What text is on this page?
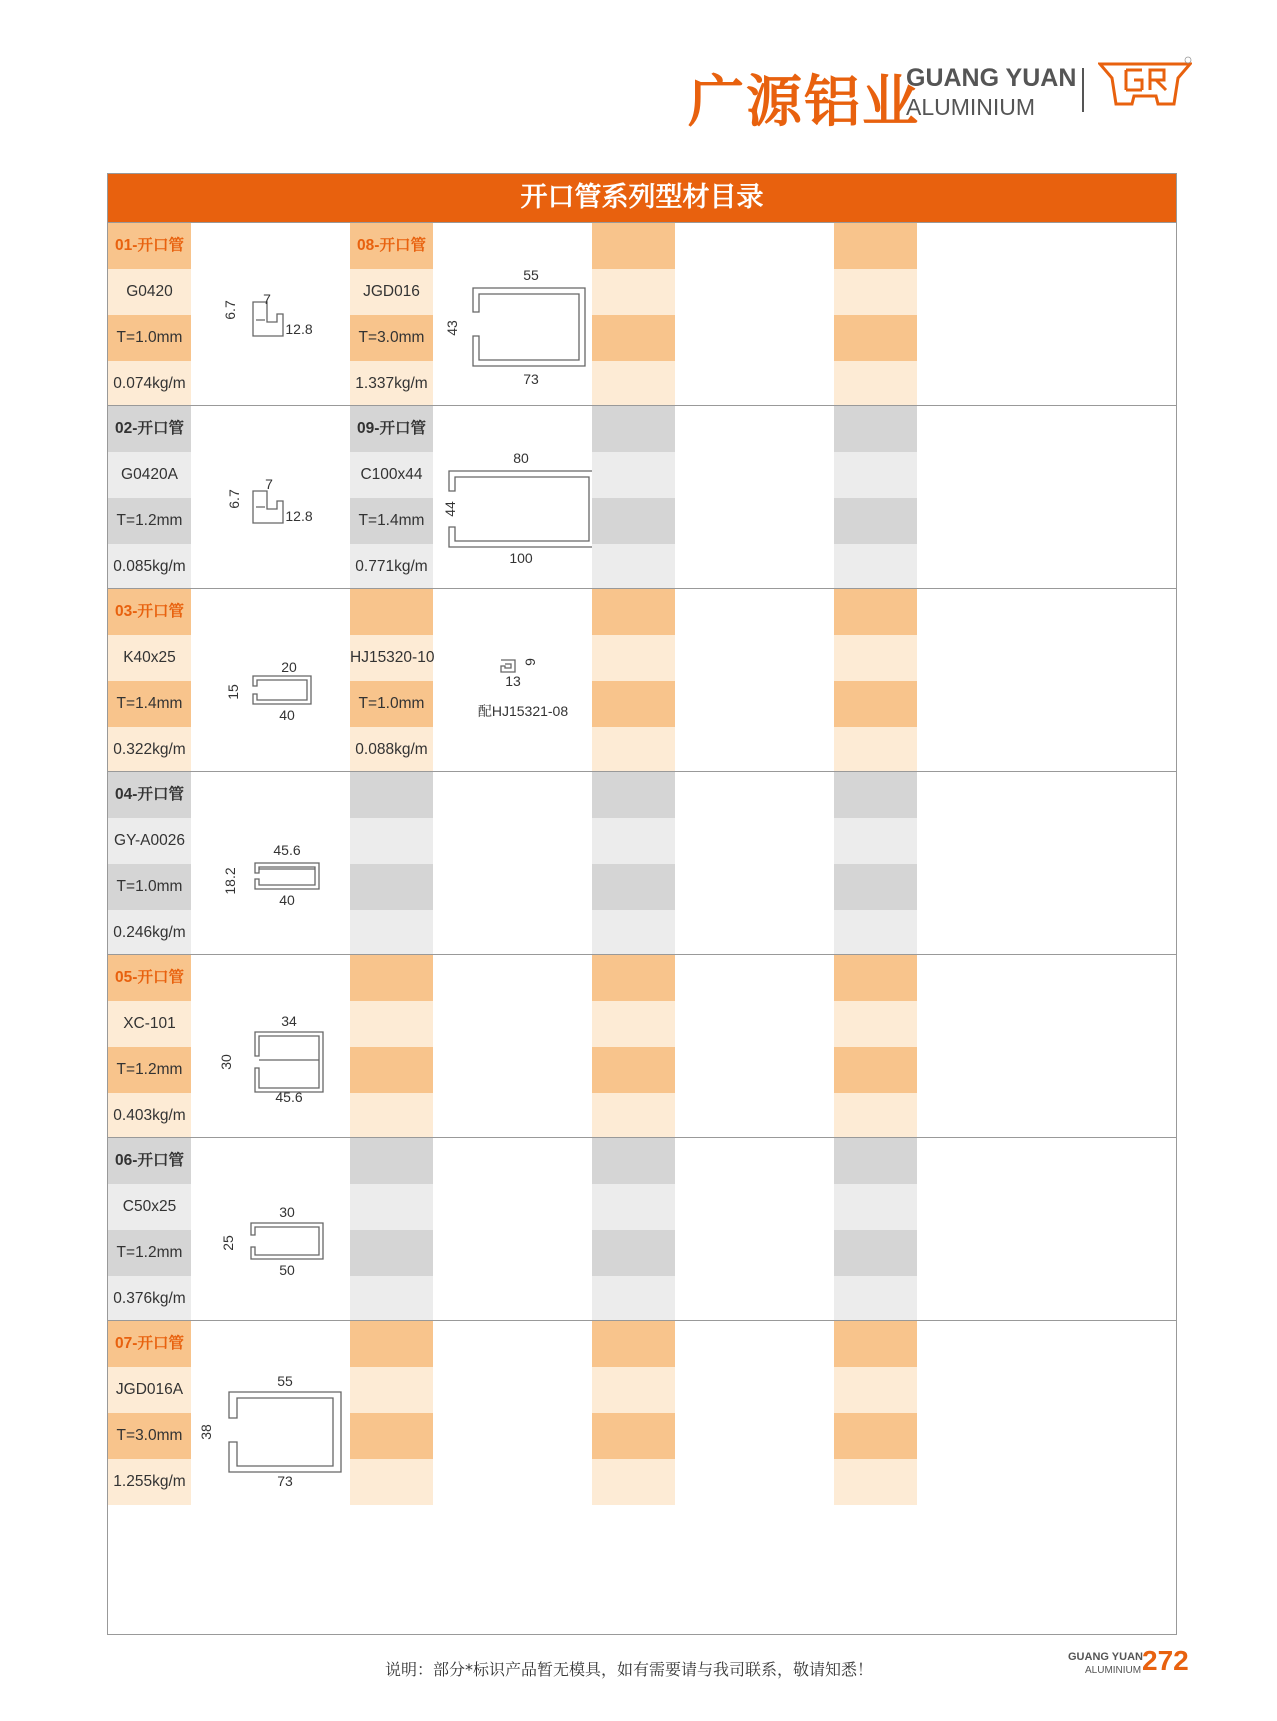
广源铝业
GUANG YUAN
ALUMINIUM
开口管系列型材目录
01-开口管
G0420
T=1.0mm
0.074kg/m
6.7
7
12.8
08-开口管
JGD016
T=3.0mm
1.337kg/m
43
55
73
02-开口管
G0420A
T=1.2mm
0.085kg/m
6.7
7
12.8
09-开口管
C100x44
T=1.4mm
0.771kg/m
44
80
100
03-开口管
K40x25
T=1.4mm
0.322kg/m
15
20
40
HJ15320-10
T=1.0mm
0.088kg/m
9
13
配HJ15321-08
04-开口管
GY-A0026
T=1.0mm
0.246kg/m
18.2
45.6
40
05-开口管
XC-101
T=1.2mm
0.403kg/m
30
34
45.6
06-开口管
C50x25
T=1.2mm
0.376kg/m
25
30
50
07-开口管
JGD016A
T=3.0mm
1.255kg/m
38
55
73
说明：部分*标识产品暂无模具，如有需要请与我司联系，敬请知悉！
GUANG YUAN
ALUMINIUM 272
